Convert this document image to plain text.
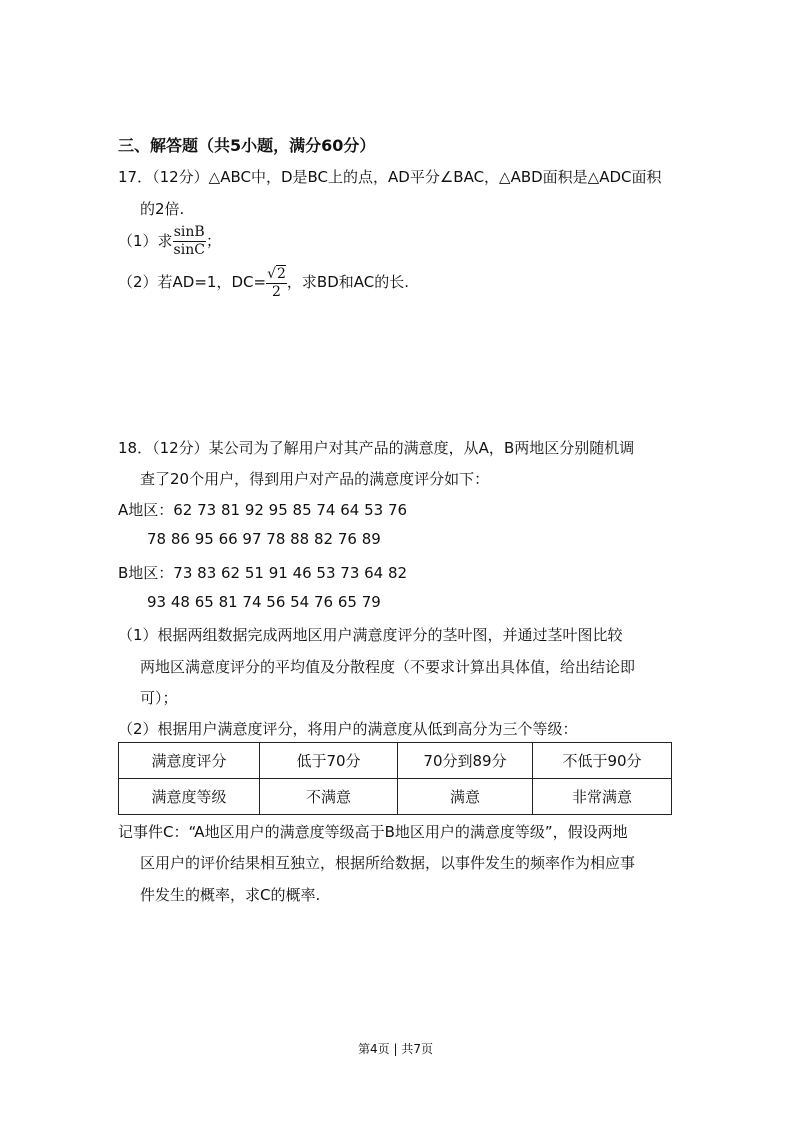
三、解答题（共5小题，满分60分）
17．（12分）△ABC中，D是BC上的点，AD平分∠BAC，△ABD面积是△ADC面积
的2倍.
（1）求 $\frac{\sin B}{\sin C}$ ；
（2）若AD=1，$DC= \frac{√2}{2}$ ，求BD和AC的长.
18．（12分）某公司为了解用户对其产品的满意度，从A，B两地区分别随机调
查了20个用户，得到用户对产品的满意度评分如下：
A地区：62 73 81 92 95 85 74 64 53 76
78 86 95 66 97 78 88 82 76 89
B地区：73 83 62 51 91 46 53 73 64 82
93 48 65 81 74 56 54 76 65 79
（1）根据两组数据完成两地区用户满意度评分的茎叶图，并通过茎叶图比较
两地区满意度评分的平均值及分散程度（不要求计算出具体值，给出结论即
可）；
（2）根据用户满意度评分，将用户的满意度从低到高分为三个等级：
满意度评分	低于70分	70分到89分	不低于90分
满意度等级	不满意	满意	非常满意
记事件C：“A地区用户的满意度等级高于B地区用户的满意度等级”，假设两地
区用户的评价结果相互独立，根据所给数据，以事件发生的频率作为相应事
件发生的概率，求C的概率.
第4页 | 共7页
